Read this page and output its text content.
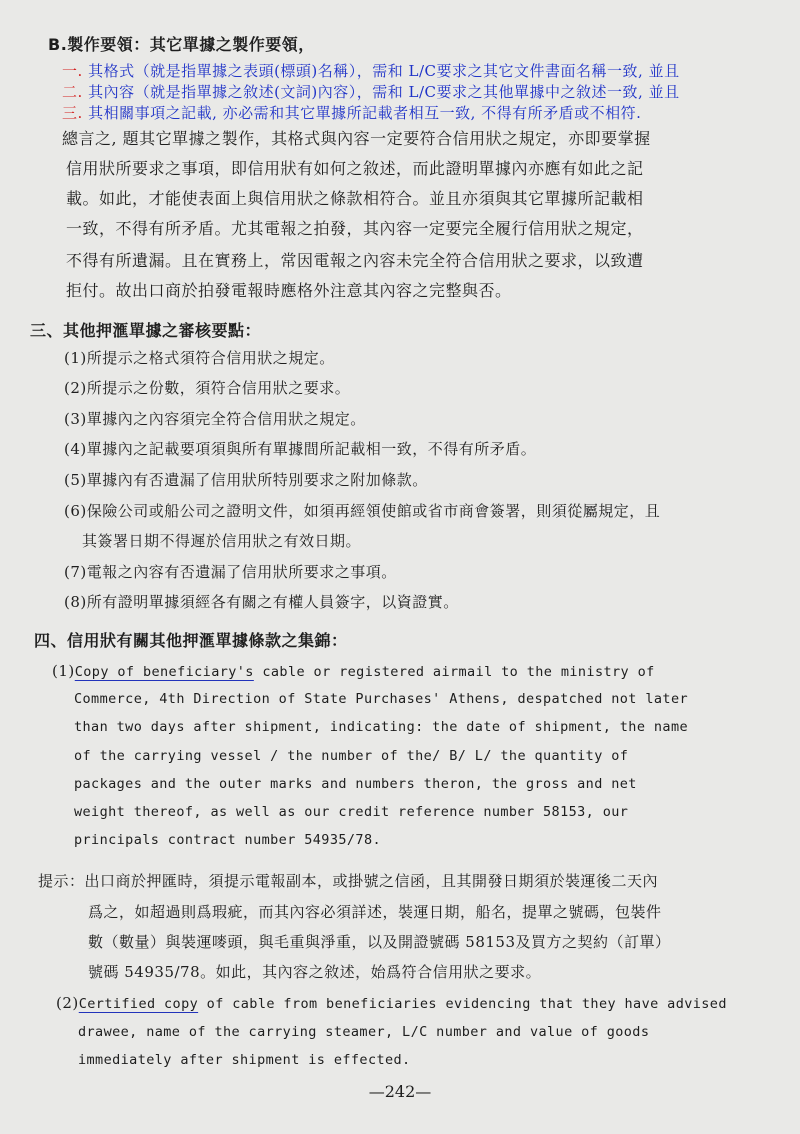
B.製作要領：其它單據之製作要領，
一. 其格式（就是指單據之表頭(標頭)名稱），需和 L/C要求之其它文件書面名稱一致, 並且
二. 其內容（就是指單據之敘述(文詞)內容），需和 L/C要求之其他單據中之敘述一致, 並且
三. 其相關事項之記載, 亦必需和其它單據所記載者相互一致, 不得有所矛盾或不相符.
總言之, 題其它單據之製作，其格式與內容一定要符合信用狀之規定，亦即要掌握
信用狀所要求之事項，即信用狀有如何之敘述，而此證明單據內亦應有如此之記
載。如此，才能使表面上與信用狀之條款相符合。並且亦須與其它單據所記載相
一致，不得有所矛盾。尤其電報之拍發，其內容一定要完全履行信用狀之規定，
不得有所遺漏。且在實務上，常因電報之內容未完全符合信用狀之要求，以致遭
拒付。故出口商於拍發電報時應格外注意其內容之完整與否。
三、其他押滙單據之審核要點：
(1)所提示之格式須符合信用狀之規定。
(2)所提示之份數，須符合信用狀之要求。
(3)單據內之內容須完全符合信用狀之規定。
(4)單據內之記載要項須與所有單據間所記載相一致，不得有所矛盾。
(5)單據內有否遺漏了信用狀所特別要求之附加條款。
(6)保險公司或船公司之證明文件，如須再經領使館或省市商會簽署，則須從屬規定，且
其簽署日期不得遲於信用狀之有效日期。
(7)電報之內容有否遺漏了信用狀所要求之事項。
(8)所有證明單據須經各有關之有權人員簽字，以資證實。
四、信用狀有關其他押滙單據條款之集錦：
(1)Copy of beneficiary's cable or registered airmail to the ministry of
Commerce, 4th Direction of State Purchases' Athens, despatched not later
than two days after shipment, indicating: the date of shipment, the name
of the carrying vessel / the number of the/ B/ L/ the quantity of
packages and the outer marks and numbers theron, the gross and net
weight thereof, as well as our credit reference number 58153, our
principals contract number 54935/78.
提示：出口商於押匯時，須提示電報副本，或掛號之信函，且其開發日期須於裝運後二天內
爲之，如超過則爲瑕疵，而其內容必須詳述，裝運日期，船名，提單之號碼，包裝件
數（數量）與裝運嘜頭，與毛重與淨重，以及開證號碼 58153及買方之契約（訂單）
號碼 54935/78。如此，其內容之敘述，始爲符合信用狀之要求。
(2)Certified copy of cable from beneficiaries evidencing that they have advised
drawee, name of the carrying steamer, L/C number and value of goods
immediately after shipment is effected.
—242—
